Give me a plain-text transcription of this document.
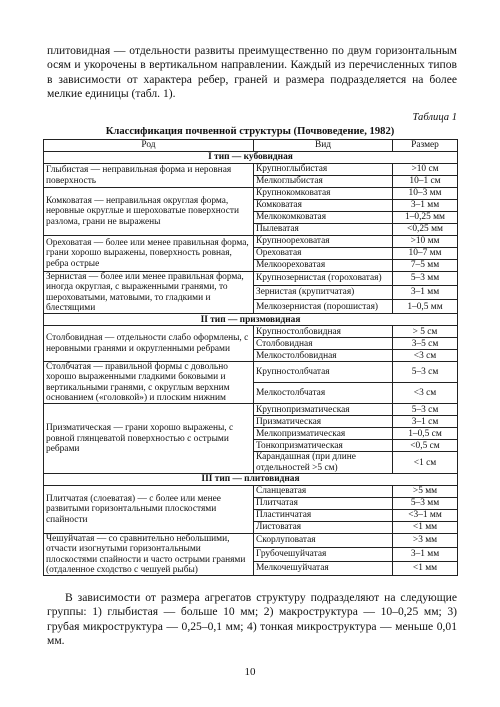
плитовидная — отдельности развиты преимущественно по двум горизонтальным осям и укорочены в вертикальном направлении. Каждый из перечисленных типов в зависимости от характера ребер, граней и размера подразделяется на более мелкие единицы (табл. 1).

Таблица 1

Классификация почвенной структуры (Почвоведение, 1982)

Род	Вид	Размер
I тип — кубовидная		
Глыбистая — неправильная форма и неровная поверхность	Крупноглыбистая	>10 см
	Мелкоглыбистая	10–1 см
Комковатая — неправильная округлая форма, неровные округлые и шероховатые поверхности разлома, грани не выражены	Крупнокомковатая	10–3 мм
	Комковатая	3–1 мм
	Мелкокомковатая	1–0,25 мм
	Пылеватая	<0,25 мм
Ореховатая — более или менее правильная форма, грани хорошо выражены, поверхность ровная, ребра острые	Крупноореховатая	>10 мм
	Ореховатая	10–7 мм
	Мелкоореховатая	7–5 мм
Зернистая — более или менее правильная форма, иногда округлая, с выраженными гранями, то шероховатыми, матовыми, то гладкими и блестящими	Крупнозернистая (гороховатая)	5–3 мм
	Зернистая (крупитчатая)	3–1 мм
	Мелкозернистая (порошистая)	1–0,5 мм
II тип — призмовидная		
Столбовидная — отдельности слабо оформлены, с неровными гранями и округленными ребрами	Крупностолбовидная	> 5 см
	Столбовидная	3–5 см
	Мелкостолбовидная	<3 см
Столбчатая — правильной формы с довольно хорошо выраженными гладкими боковыми и вертикальными гранями, с округлым верхним основанием («головкой») и плоским нижним	Крупностолбчатая	5–3 см
	Мелкостолбчатая	<3 см
Призматическая — грани хорошо выражены, с ровной глянцеватой поверхностью с острыми ребрами	Крупнопризматическая	5–3 см
	Призматическая	3–1 см
	Мелкопризматическая	1–0,5 см
	Тонкопризматическая	<0,5 см
	Карандашная (при длине отдельностей >5 см)	<1 см
III тип — плитовидная		
Плитчатая (слоеватая) — с более или менее развитыми горизонтальными плоскостями спайности	Сланцеватая	>5 мм
	Плитчатая	5–3 мм
	Пластинчатая	<3–1 мм
	Листоватая	<1 мм
Чешуйчатая — со сравнительно небольшими, отчасти изогнутыми горизонтальными плоскостями спайности и часто острыми гранями (отдаленное сходство с чешуей рыбы)	Скорлуповатая	>3 мм
	Грубочешуйчатая	3–1 мм
	Мелкочешуйчатая	<1 мм

В зависимости от размера агрегатов структуру подразделяют на следующие группы: 1) глыбистая — больше 10 мм; 2) макроструктура — 10–0,25 мм; 3) грубая микроструктура — 0,25–0,1 мм; 4) тонкая микроструктура — меньше 0,01 мм.

10
